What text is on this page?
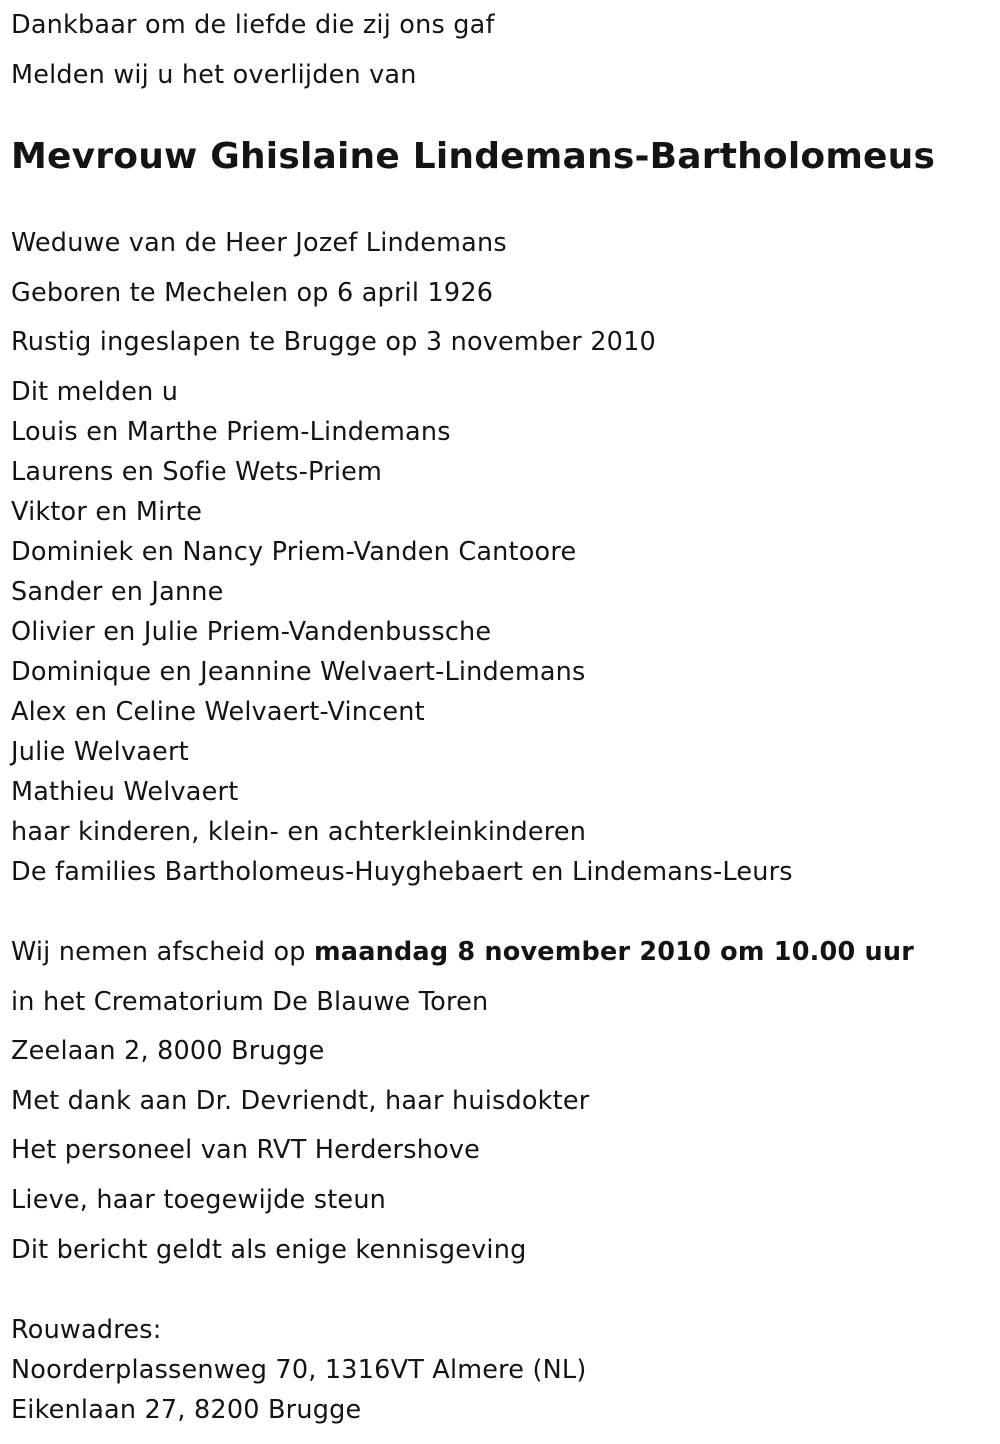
Dankbaar om de liefde die zij ons gaf

Melden wij u het overlijden van

Mevrouw Ghislaine Lindemans-Bartholomeus

Weduwe van de Heer Jozef Lindemans

Geboren te Mechelen op 6 april 1926

Rustig ingeslapen te Brugge op 3 november 2010

Dit melden u

Louis en Marthe Priem-Lindemans

Laurens en Sofie Wets-Priem

Viktor en Mirte

Dominiek en Nancy Priem-Vanden Cantoore

Sander en Janne

Olivier en Julie Priem-Vandenbussche

Dominique en Jeannine Welvaert-Lindemans

Alex en Celine Welvaert-Vincent

Julie Welvaert

Mathieu Welvaert

haar kinderen, klein- en achterkleinkinderen

De families Bartholomeus-Huyghebaert en Lindemans-Leurs

Wij nemen afscheid op maandag 8 november 2010 om 10.00 uur

in het Crematorium De Blauwe Toren

Zeelaan 2, 8000 Brugge

Met dank aan Dr. Devriendt, haar huisdokter

Het personeel van RVT Herdershove

Lieve, haar toegewijde steun

Dit bericht geldt als enige kennisgeving

Rouwadres:

Noorderplassenweg 70, 1316VT Almere (NL)

Eikenlaan 27, 8200 Brugge
